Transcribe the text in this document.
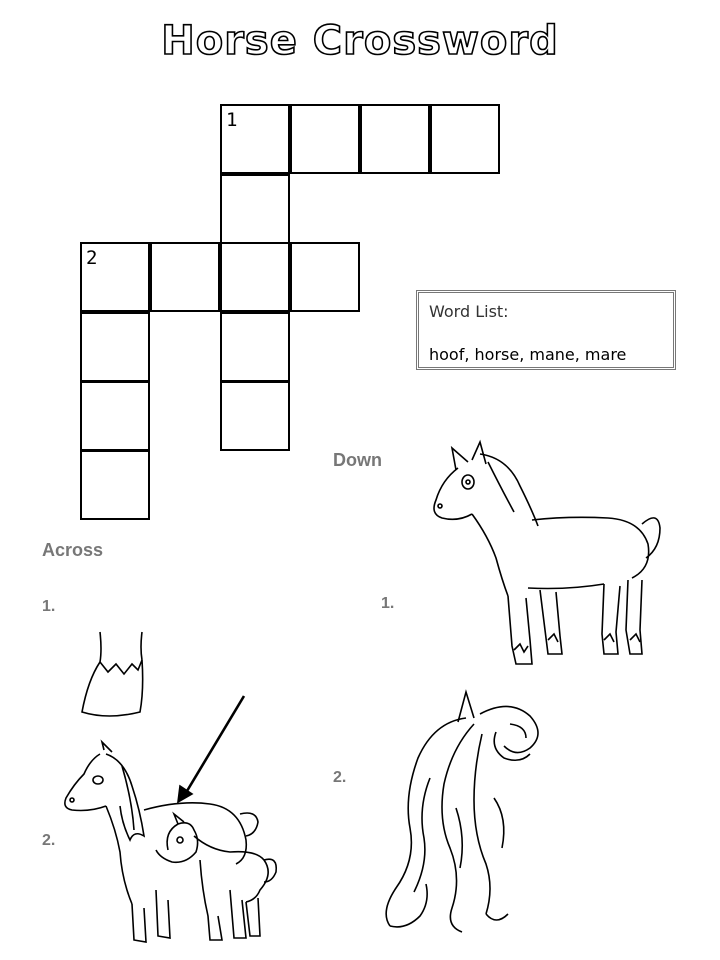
Horse Crossword
1
2
Word List:
hoof, horse, mane, mare
Down
Across
1.	1.
2.
2.
